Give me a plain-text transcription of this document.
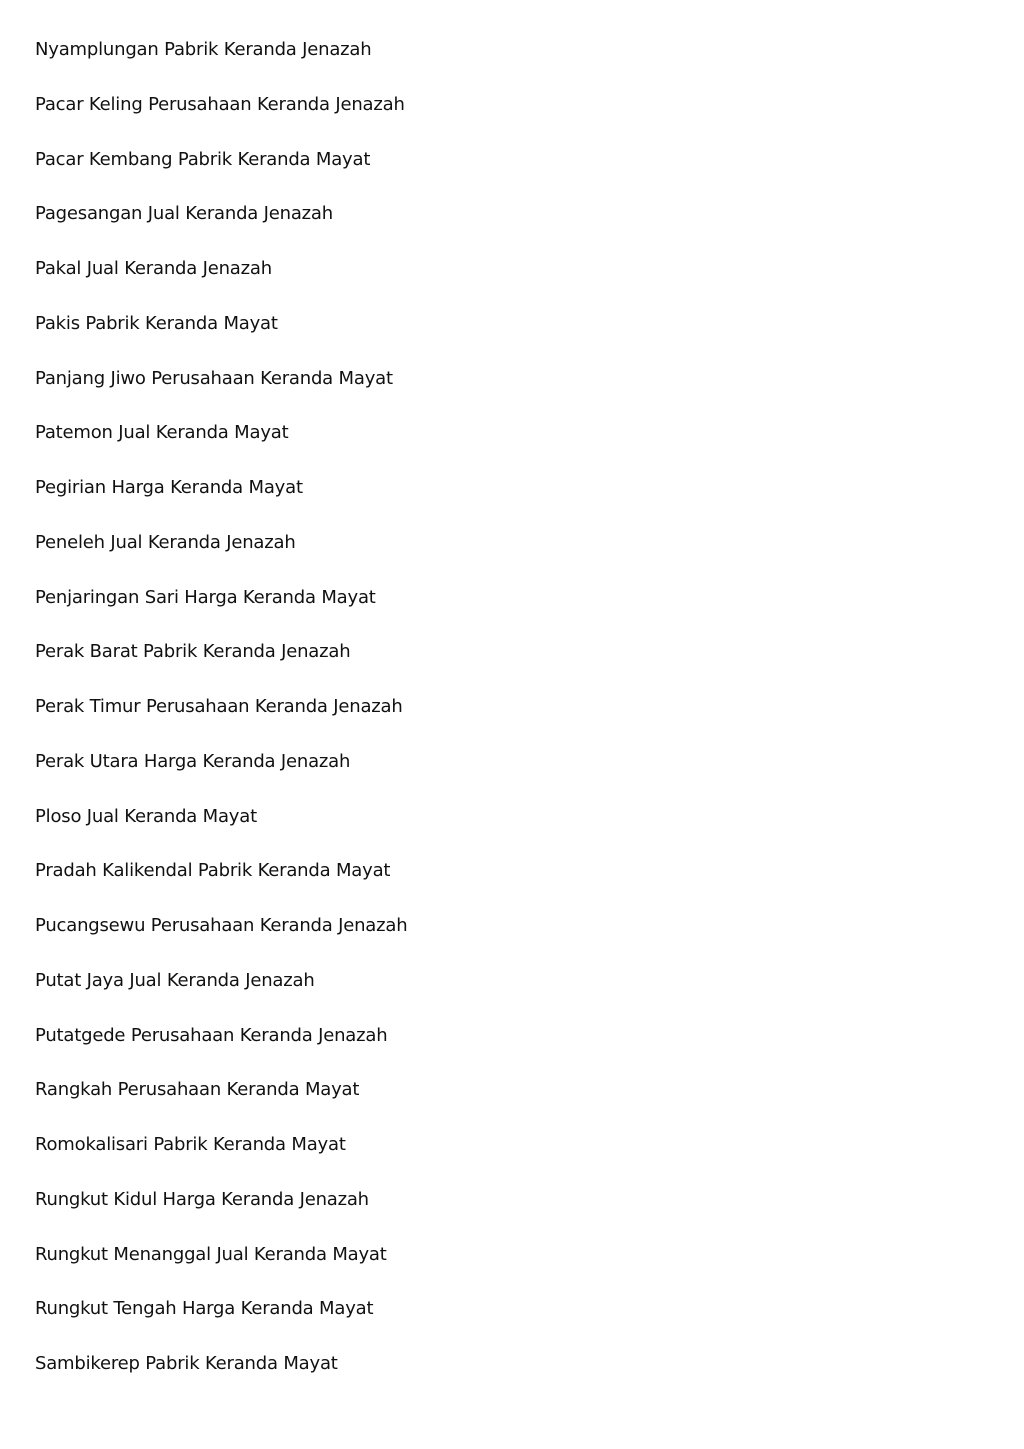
Nyamplungan Pabrik Keranda Jenazah
Pacar Keling Perusahaan Keranda Jenazah
Pacar Kembang Pabrik Keranda Mayat
Pagesangan Jual Keranda Jenazah
Pakal Jual Keranda Jenazah
Pakis Pabrik Keranda Mayat
Panjang Jiwo Perusahaan Keranda Mayat
Patemon Jual Keranda Mayat
Pegirian Harga Keranda Mayat
Peneleh Jual Keranda Jenazah
Penjaringan Sari Harga Keranda Mayat
Perak Barat Pabrik Keranda Jenazah
Perak Timur Perusahaan Keranda Jenazah
Perak Utara Harga Keranda Jenazah
Ploso Jual Keranda Mayat
Pradah Kalikendal Pabrik Keranda Mayat
Pucangsewu Perusahaan Keranda Jenazah
Putat Jaya Jual Keranda Jenazah
Putatgede Perusahaan Keranda Jenazah
Rangkah Perusahaan Keranda Mayat
Romokalisari Pabrik Keranda Mayat
Rungkut Kidul Harga Keranda Jenazah
Rungkut Menanggal Jual Keranda Mayat
Rungkut Tengah Harga Keranda Mayat
Sambikerep Pabrik Keranda Mayat
